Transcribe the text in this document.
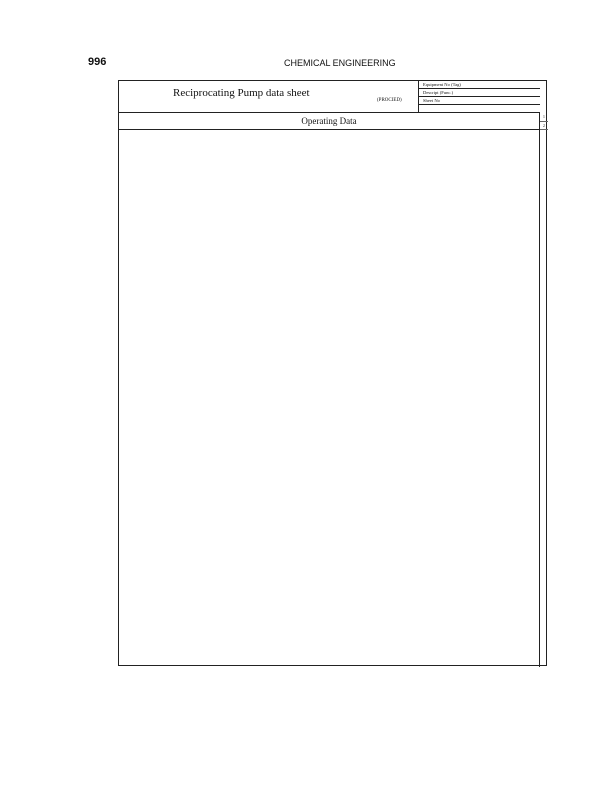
996	CHEMICAL ENGINEERING
Reciprocating Pump data sheet
(PROCIED)
Equipment No (Tag)
Descript (Func.)
Sheet No
1
2
Operating Data
